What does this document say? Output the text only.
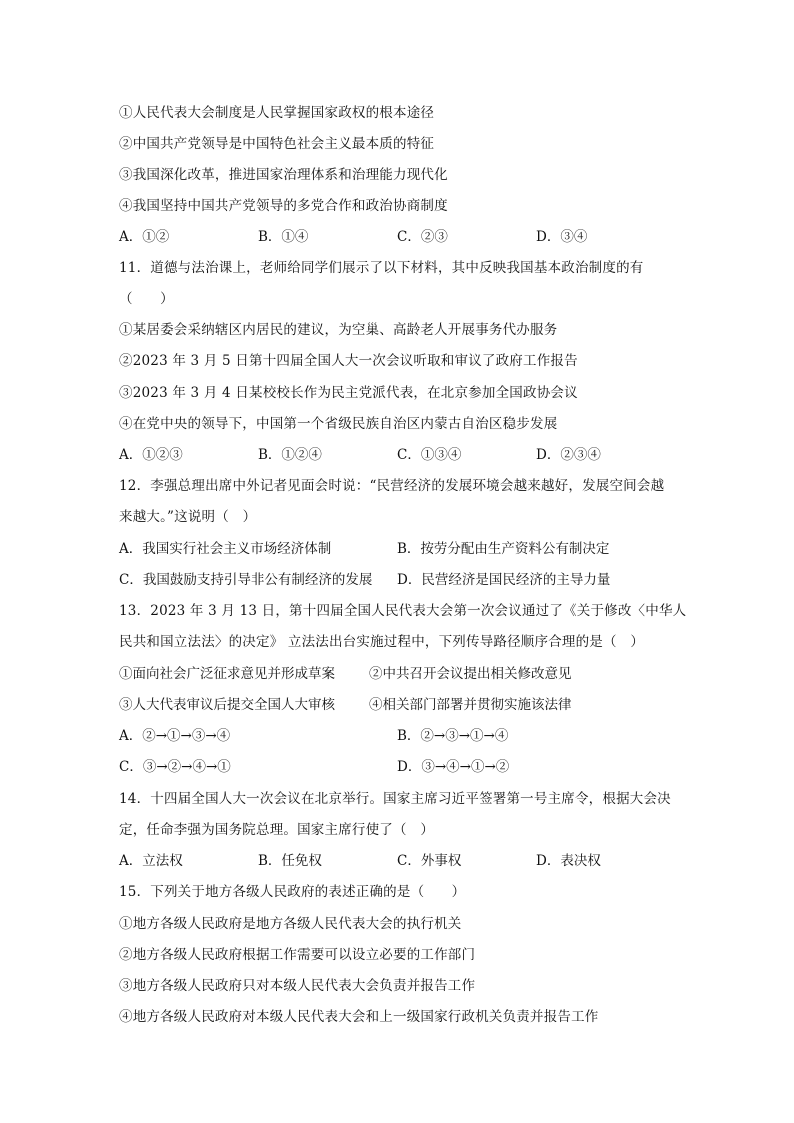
①人民代表大会制度是人民掌握国家政权的根本途径
②中国共产党领导是中国特色社会主义最本质的特征
③我国深化改革，推进国家治理体系和治理能力现代化
④我国坚持中国共产党领导的多党合作和政治协商制度
A．①②	B．①④	C．②③	D．③④
11．道德与法治课上，老师给同学们展示了以下材料，其中反映我国基本政治制度的有
（　　）
①某居委会采纳辖区内居民的建议，为空巢、高龄老人开展事务代办服务
②2023 年 3 月 5 日第十四届全国人大一次会议听取和审议了政府工作报告
③2023 年 3 月 4 日某校校长作为民主党派代表，在北京参加全国政协会议
④在党中央的领导下，中国第一个省级民族自治区内蒙古自治区稳步发展
A．①②③	B．①②④	C．①③④	D．②③④
12．李强总理出席中外记者见面会时说：“民营经济的发展环境会越来越好，发展空间会越
来越大。”这说明（　）
A．我国实行社会主义市场经济体制	B．按劳分配由生产资料公有制决定
C．我国鼓励支持引导非公有制经济的发展 D．民营经济是国民经济的主导力量
13．2023 年 3 月 13 日，第十四届全国人民代表大会第一次会议通过了《关于修改〈中华人
民共和国立法法〉的决定》 立法法出台实施过程中，下列传导路径顺序合理的是（　）
①面向社会广泛征求意见并形成草案	②中共召开会议提出相关修改意见
③人大代表审议后提交全国人大审核	④相关部门部署并贯彻实施该法律
A．②→①→③→④	B．②→③→①→④
C．③→②→④→①	D．③→④→①→②
14．十四届全国人大一次会议在北京举行。国家主席习近平签署第一号主席令，根据大会决
定，任命李强为国务院总理。国家主席行使了（　）
A．立法权	B．任免权	C．外事权	D．表决权
15．下列关于地方各级人民政府的表述正确的是（　　）
①地方各级人民政府是地方各级人民代表大会的执行机关
②地方各级人民政府根据工作需要可以设立必要的工作部门
③地方各级人民政府只对本级人民代表大会负责并报告工作
④地方各级人民政府对本级人民代表大会和上一级国家行政机关负责并报告工作
